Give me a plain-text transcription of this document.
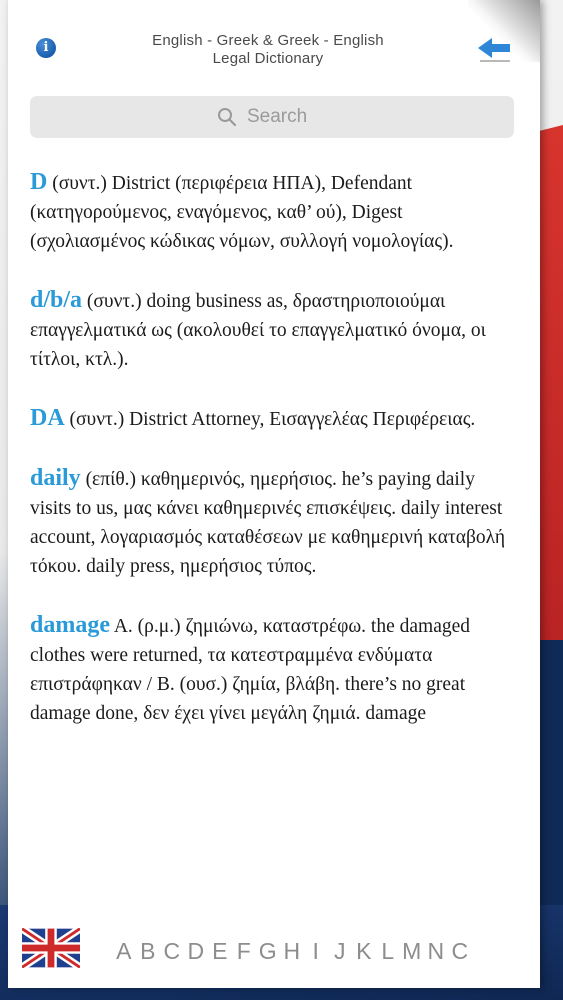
i	English - Greek & Greek - English
Legal Dictionary
Search
D (συντ.) District (περιφέρεια ΗΠΑ), Defendant (κατηγορούμενος, εναγόμενος, καθ’ ού), Digest (σχολιασμένος κώδικας νόμων, συλλογή νομολογίας).
d/b/a (συντ.) doing business as, δραστηριοποιούμαι επαγγελματικά ως (ακολουθεί το επαγγελματικό όνομα, οι τίτλοι, κτλ.).
DA (συντ.) District Attorney, Εισαγγελέας Περιφέρειας.
daily (επίθ.) καθημερινός, ημερήσιος. he’s paying daily visits to us, μας κάνει καθημερινές επισκέψεις. daily interest account, λογαριασμός καταθέσεων με καθημερινή καταβολή τόκου. daily press, ημερήσιος τύπος.
damage A. (ρ.μ.) ζημιώνω, καταστρέφω. the damaged clothes were returned, τα κατεστραμμένα ενδύματα επιστράφηκαν / B. (ουσ.) ζημία, βλάβη. there’s no great damage done, δεν έχει γίνει μεγάλη ζημιά. damage
A B C D E F G H I J K L M N C
